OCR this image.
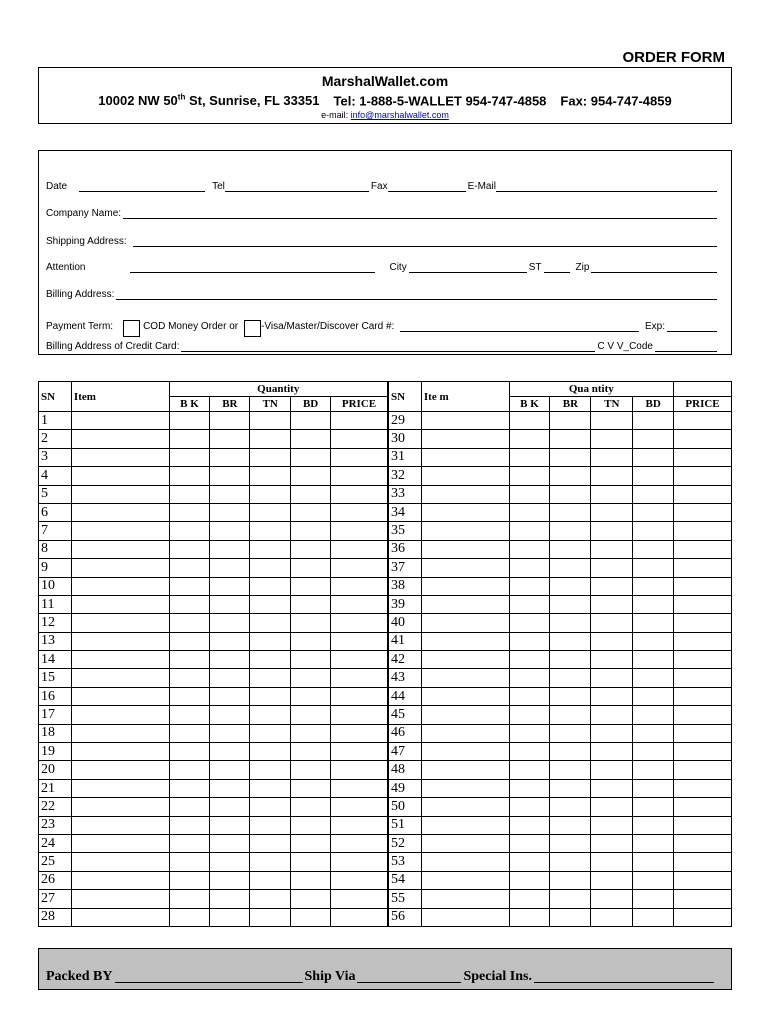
ORDER FORM
MarshalWallet.com
10002 NW 50th St, Sunrise, FL 33351 Tel: 1-888-5-WALLET 954-747-4858 Fax: 954-747-4859
e-mail: info@marshalwallet.com
Date	Tel	Fax	E-Mail
Company Name:
Shipping Address:
Attention	City	ST	Zip
Billing Address:
Payment Term:	COD Money Order or -Visa/Master/Discover Card #:	Exp:
Billing Address of Credit Card:	C V V_Code
SN	Item	Quantity				
		B K	BR	TN	BD	PRICE
1						
2						
3						
4						
5						
6						
7						
8						
9						
10						
11						
12						
13						
14						
15						
16						
17						
18						
19						
20						
21						
22						
23						
24						
25						
26						
27						
28						
SN	Ite m	Qua ntity				
		B K	BR	TN	BD	PRICE
29						
30						
31						
32						
33						
34						
35						
36						
37						
38						
39						
40						
41						
42						
43						
44						
45						
46						
47						
48						
49						
50						
51						
52						
53						
54						
55						
56						
Packed BY	Ship Via	Special Ins.
